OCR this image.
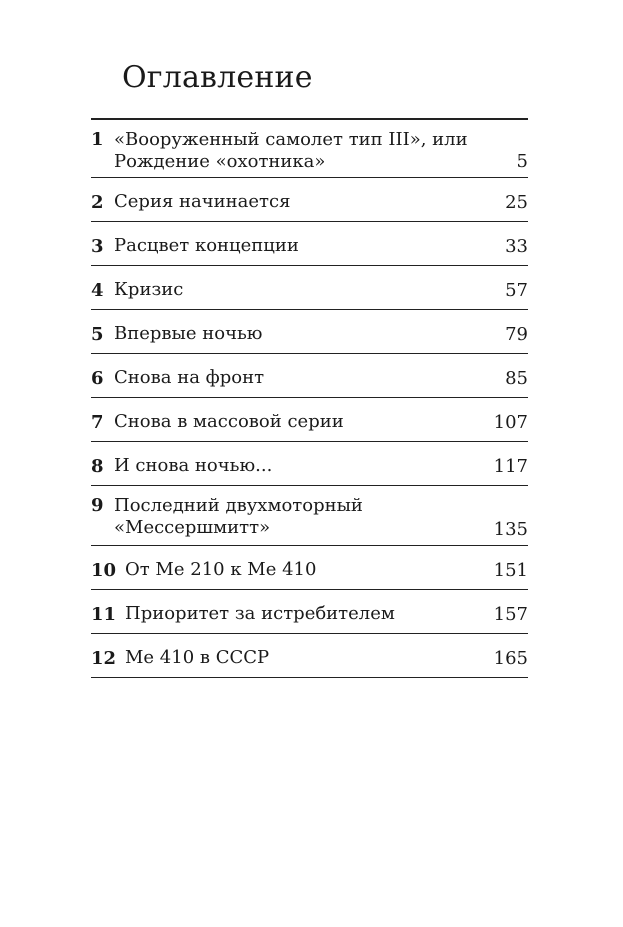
Оглавление
1 «Вооруженный самолет тип III», или
Рождение «охотника»	5
2 Серия начинается	25
3 Расцвет концепции	33
4 Кризис	57
5 Впервые ночью	79
6 Снова на фронт	85
7 Снова в массовой серии	107
8 И снова ночью...	117
9 Последний двухмоторный
«Мессершмитт»	135
10 От Ме 210 к Ме 410	151
11 Приоритет за истребителем	157
12 Ме 410 в СССР	165
